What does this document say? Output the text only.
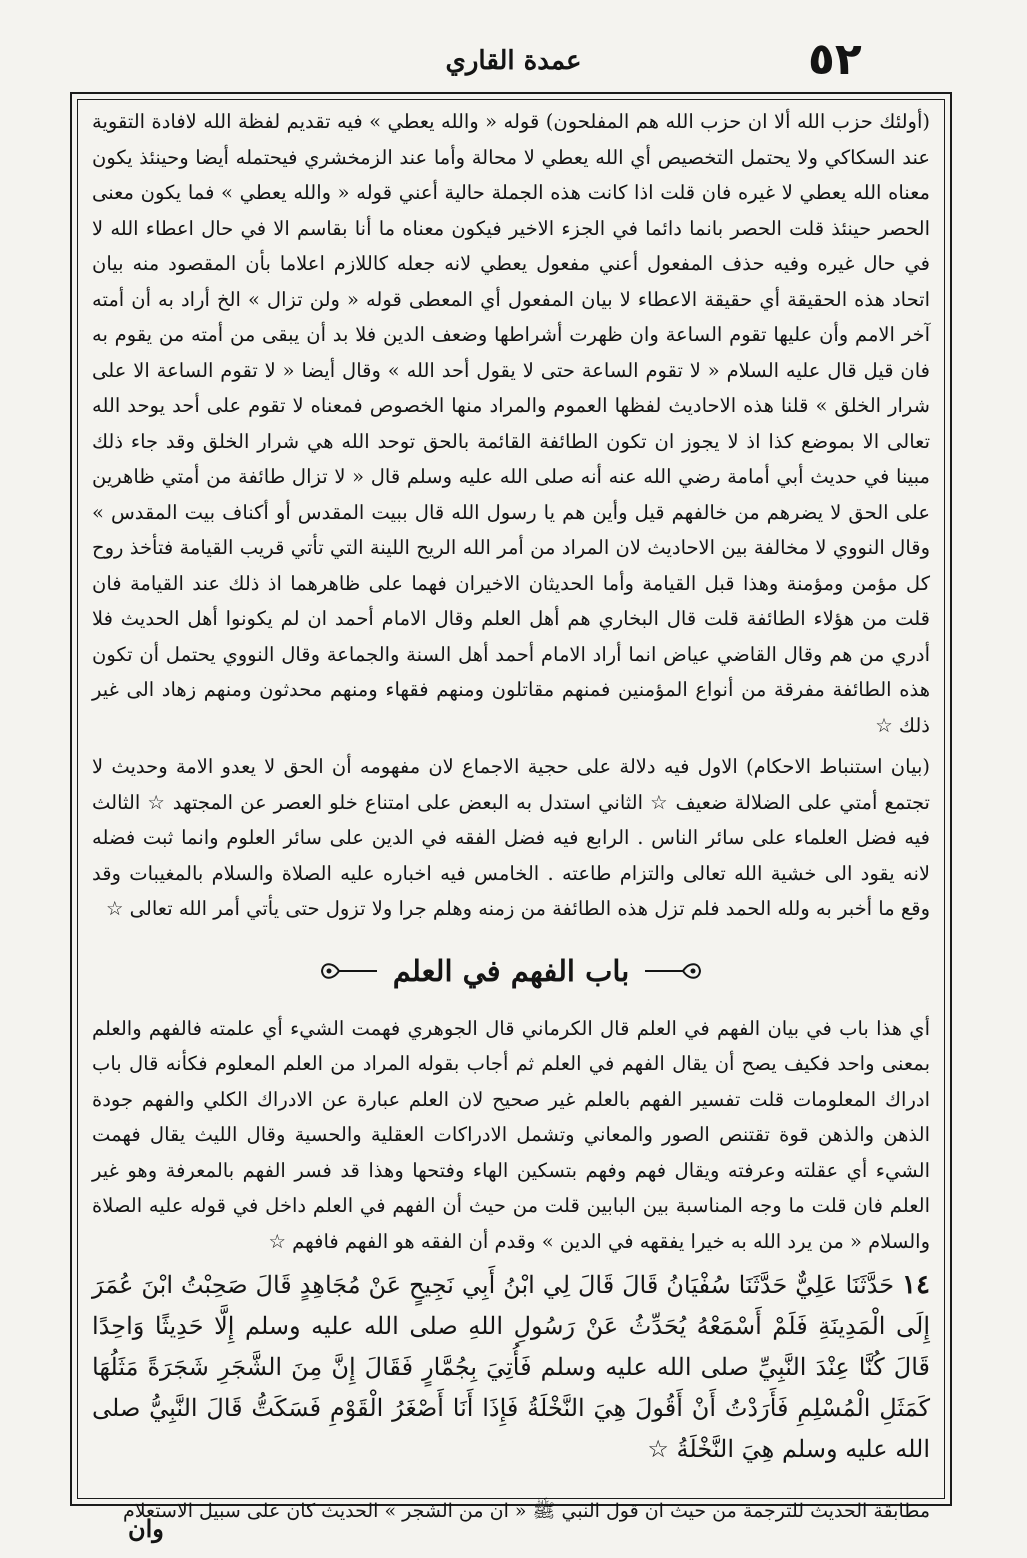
٥٢
عمدة القاري

(أولئك حزب الله ألا ان حزب الله هم المفلحون) قوله « والله يعطي » فيه تقديم لفظة الله لافادة التقوية عند السكاكي ولا يحتمل التخصيص أي الله يعطي لا محالة وأما عند الزمخشري فيحتمله أيضا وحينئذ يكون معناه الله يعطي لا غيره فان قلت اذا كانت هذه الجملة حالية أعني قوله « والله يعطي » فما يكون معنى الحصر حينئذ قلت الحصر بانما دائما في الجزء الاخير فيكون معناه ما أنا بقاسم الا في حال اعطاء الله لا في حال غيره وفيه حذف المفعول أعني مفعول يعطي لانه جعله كاللازم اعلاما بأن المقصود منه بيان اتحاد هذه الحقيقة أي حقيقة الاعطاء لا بيان المفعول أي المعطى قوله « ولن تزال » الخ أراد به أن أمته آخر الامم وأن عليها تقوم الساعة وان ظهرت أشراطها وضعف الدين فلا بد أن يبقى من أمته من يقوم به فان قيل قال عليه السلام « لا تقوم الساعة حتى لا يقول أحد الله » وقال أيضا « لا تقوم الساعة الا على شرار الخلق » قلنا هذه الاحاديث لفظها العموم والمراد منها الخصوص فمعناه لا تقوم على أحد يوحد الله تعالى الا بموضع كذا اذ لا يجوز ان تكون الطائفة القائمة بالحق توحد الله هي شرار الخلق وقد جاء ذلك مبينا في حديث أبي أمامة رضي الله عنه أنه صلى الله عليه وسلم قال « لا تزال طائفة من أمتي ظاهرين على الحق لا يضرهم من خالفهم قيل وأين هم يا رسول الله قال ببيت المقدس أو أكناف بيت المقدس » وقال النووي لا مخالفة بين الاحاديث لان المراد من أمر الله الريح اللينة التي تأتي قريب القيامة فتأخذ روح كل مؤمن ومؤمنة وهذا قبل القيامة وأما الحديثان الاخيران فهما على ظاهرهما اذ ذلك عند القيامة فان قلت من هؤلاء الطائفة قلت قال البخاري هم أهل العلم وقال الامام أحمد ان لم يكونوا أهل الحديث فلا أدري من هم وقال القاضي عياض انما أراد الامام أحمد أهل السنة والجماعة وقال النووي يحتمل أن تكون هذه الطائفة مفرقة من أنواع المؤمنين فمنهم مقاتلون ومنهم فقهاء ومنهم محدثون ومنهم زهاد الى غير ذلك ☆

(بيان استنباط الاحكام) الاول فيه دلالة على حجية الاجماع لان مفهومه أن الحق لا يعدو الامة وحديث لا تجتمع أمتي على الضلالة ضعيف ☆ الثاني استدل به البعض على امتناع خلو العصر عن المجتهد ☆ الثالث فيه فضل العلماء على سائر الناس . الرابع فيه فضل الفقه في الدين على سائر العلوم وانما ثبت فضله لانه يقود الى خشية الله تعالى والتزام طاعته . الخامس فيه اخباره عليه الصلاة والسلام بالمغيبات وقد وقع ما أخبر به ولله الحمد فلم تزل هذه الطائفة من زمنه وهلم جرا ولا تزول حتى يأتي أمر الله تعالى ☆

باب الفهم في العلم

أي هذا باب في بيان الفهم في العلم قال الكرماني قال الجوهري فهمت الشيء أي علمته فالفهم والعلم بمعنى واحد فكيف يصح أن يقال الفهم في العلم ثم أجاب بقوله المراد من العلم المعلوم فكأنه قال باب ادراك المعلومات قلت تفسير الفهم بالعلم غير صحيح لان العلم عبارة عن الادراك الكلي والفهم جودة الذهن والذهن قوة تقتنص الصور والمعاني وتشمل الادراكات العقلية والحسية وقال الليث يقال فهمت الشيء أي عقلته وعرفته ويقال فهم وفهم بتسكين الهاء وفتحها وهذا قد فسر الفهم بالمعرفة وهو غير العلم فان قلت ما وجه المناسبة بين البابين قلت من حيث أن الفهم في العلم داخل في قوله عليه الصلاة والسلام « من يرد الله به خيرا يفقهه في الدين » وقدم أن الفقه هو الفهم فافهم ☆

١٤ حَدَّثَنَا عَلِيٌّ حَدَّثَنَا سُفْيَانُ قَالَ قَالَ لِي ابْنُ أَبِي نَجِيحٍ عَنْ مُجَاهِدٍ قَالَ صَحِبْتُ ابْنَ عُمَرَ إِلَى الْمَدِينَةِ فَلَمْ أَسْمَعْهُ يُحَدِّثُ عَنْ رَسُولِ اللهِ صلى الله عليه وسلم إِلَّا حَدِيثًا وَاحِدًا قَالَ كُنَّا عِنْدَ النَّبِيِّ صلى الله عليه وسلم فَأُتِيَ بِجُمَّارٍ فَقَالَ إِنَّ مِنَ الشَّجَرِ شَجَرَةً مَثَلُهَا كَمَثَلِ الْمُسْلِمِ فَأَرَدْتُ أَنْ أَقُولَ هِيَ النَّخْلَةُ فَإِذَا أَنَا أَصْغَرُ الْقَوْمِ فَسَكَتُّ قَالَ النَّبِيُّ صلى الله عليه وسلم هِيَ النَّخْلَةُ ☆

مطابقة الحديث للترجمة من حيث ان قول النبي ﷺ « ان من الشجر » الحديث كان على سبيل الاستعلام

وان
